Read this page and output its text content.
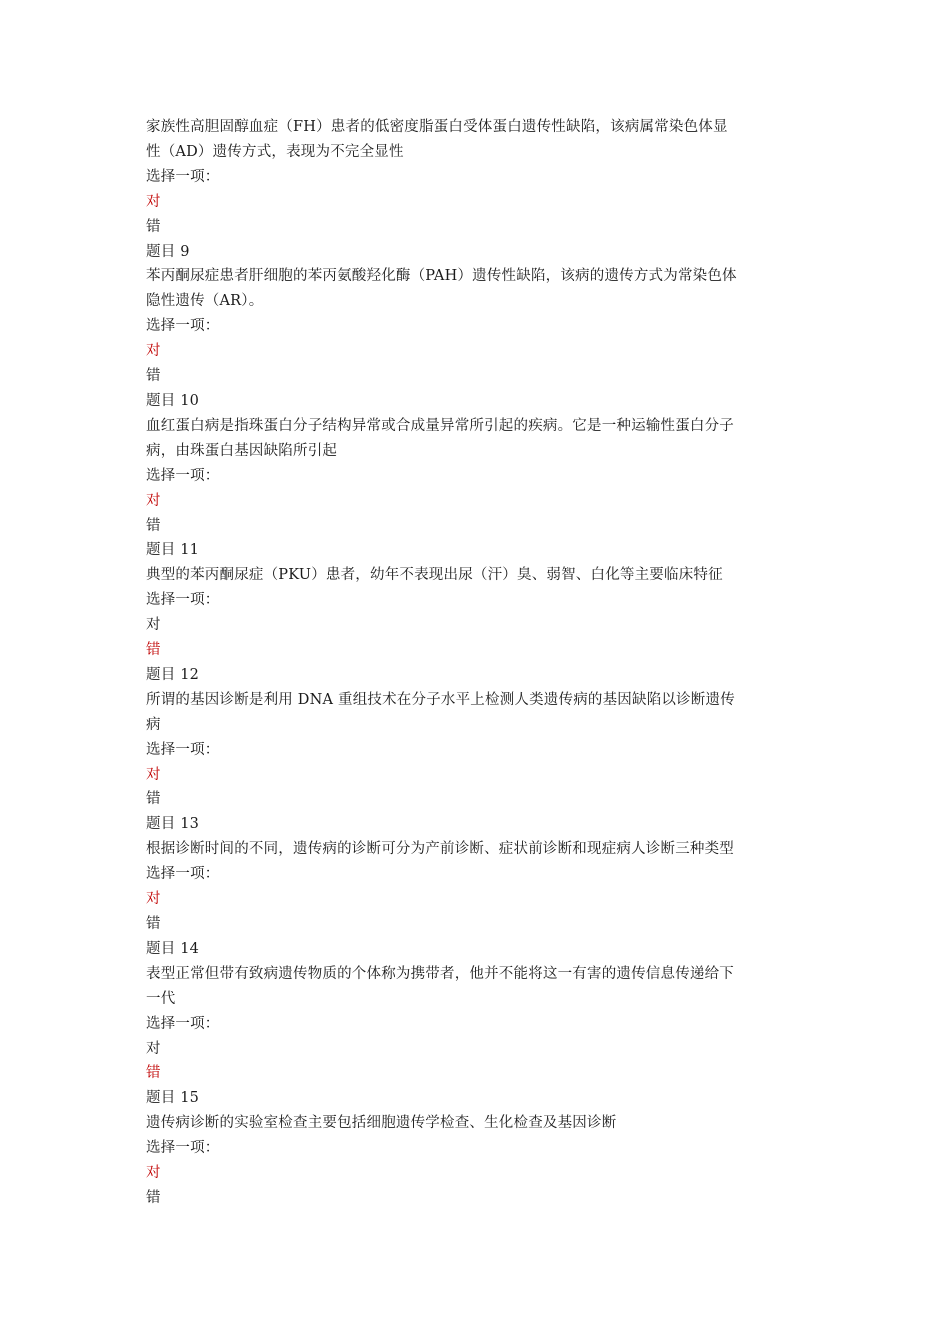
家族性高胆固醇血症（FH）患者的低密度脂蛋白受体蛋白遗传性缺陷，该病属常染色体显
性（AD）遗传方式，表现为不完全显性
选择一项：
对
错
题目 9
苯丙酮尿症患者肝细胞的苯丙氨酸羟化酶（PAH）遗传性缺陷，该病的遗传方式为常染色体
隐性遗传（AR）。
选择一项：
对
错
题目 10
血红蛋白病是指珠蛋白分子结构异常或合成量异常所引起的疾病。它是一种运输性蛋白分子
病，由珠蛋白基因缺陷所引起
选择一项：
对
错
题目 11
典型的苯丙酮尿症（PKU）患者，幼年不表现出尿（汗）臭、弱智、白化等主要临床特征
选择一项：
对
错
题目 12
所谓的基因诊断是利用 DNA 重组技术在分子水平上检测人类遗传病的基因缺陷以诊断遗传
病
选择一项：
对
错
题目 13
根据诊断时间的不同，遗传病的诊断可分为产前诊断、症状前诊断和现症病人诊断三种类型
选择一项：
对
错
题目 14
表型正常但带有致病遗传物质的个体称为携带者，他并不能将这一有害的遗传信息传递给下
一代
选择一项：
对
错
题目 15
遗传病诊断的实验室检查主要包括细胞遗传学检查、生化检查及基因诊断
选择一项：
对
错
